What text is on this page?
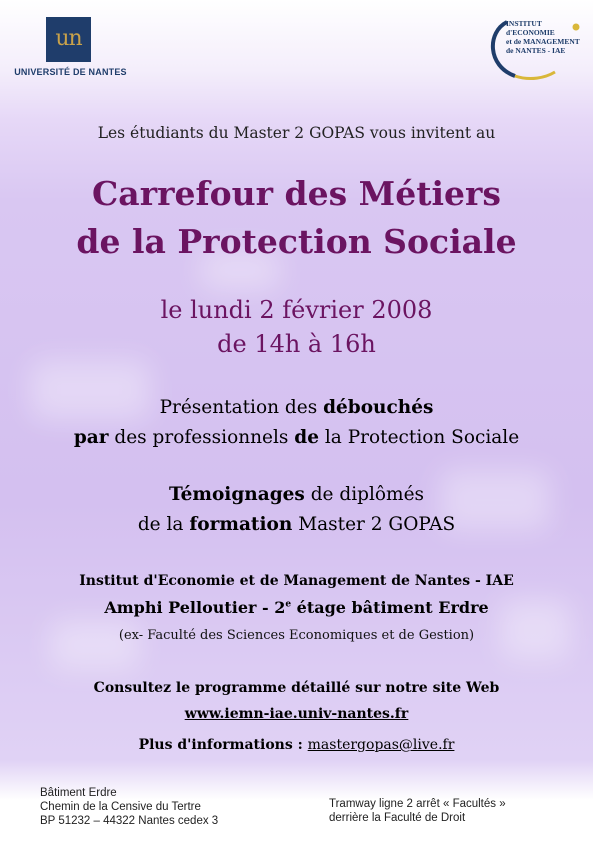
un
UNIVERSITÉ DE NANTES
INSTITUT
d'ECONOMIE
et de MANAGEMENT
de NANTES - IAE
Les étudiants du Master 2 GOPAS vous invitent au
Carrefour des Métiers
de la Protection Sociale
le lundi 2 février 2008
de 14h à 16h
Présentation des débouchés
par des professionnels de la Protection Sociale
Témoignages de diplômés
de la formation Master 2 GOPAS
Institut d'Economie et de Management de Nantes - IAE
Amphi Pelloutier - 2e étage bâtiment Erdre
(ex- Faculté des Sciences Economiques et de Gestion)
Consultez le programme détaillé sur notre site Web
www.iemn-iae.univ-nantes.fr
Plus d'informations : mastergopas@live.fr
Bâtiment Erdre
Chemin de la Censive du Tertre
BP 51232 – 44322 Nantes cedex 3
Tramway ligne 2 arrêt « Facultés »
derrière la Faculté de Droit
